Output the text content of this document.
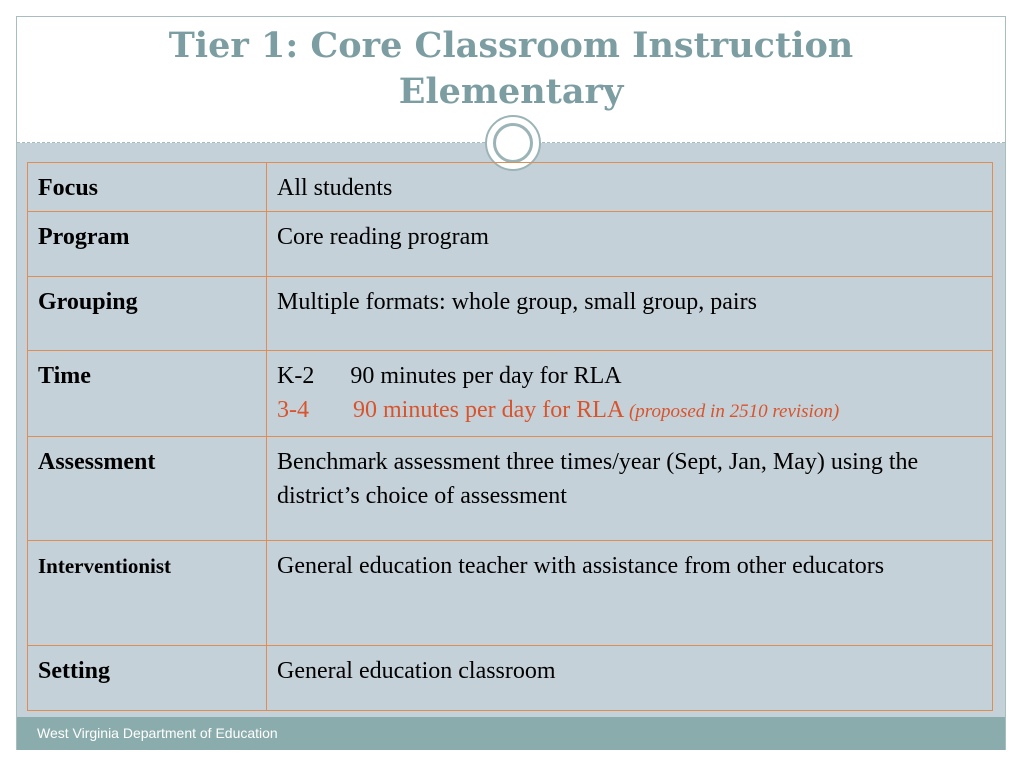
Tier 1: Core Classroom Instruction
Elementary
Focus	All students
Program	Core reading program
Grouping	Multiple formats: whole group, small group, pairs
Time	K-2 90 minutes per day for RLA
3-4 90 minutes per day for RLA (proposed in 2510 revision)

Assessment	Benchmark assessment three times/year (Sept, Jan, May) using the district’s choice of assessment
Interventionist	General education teacher with assistance from other educators
Setting	General education classroom
West Virginia Department of Education
